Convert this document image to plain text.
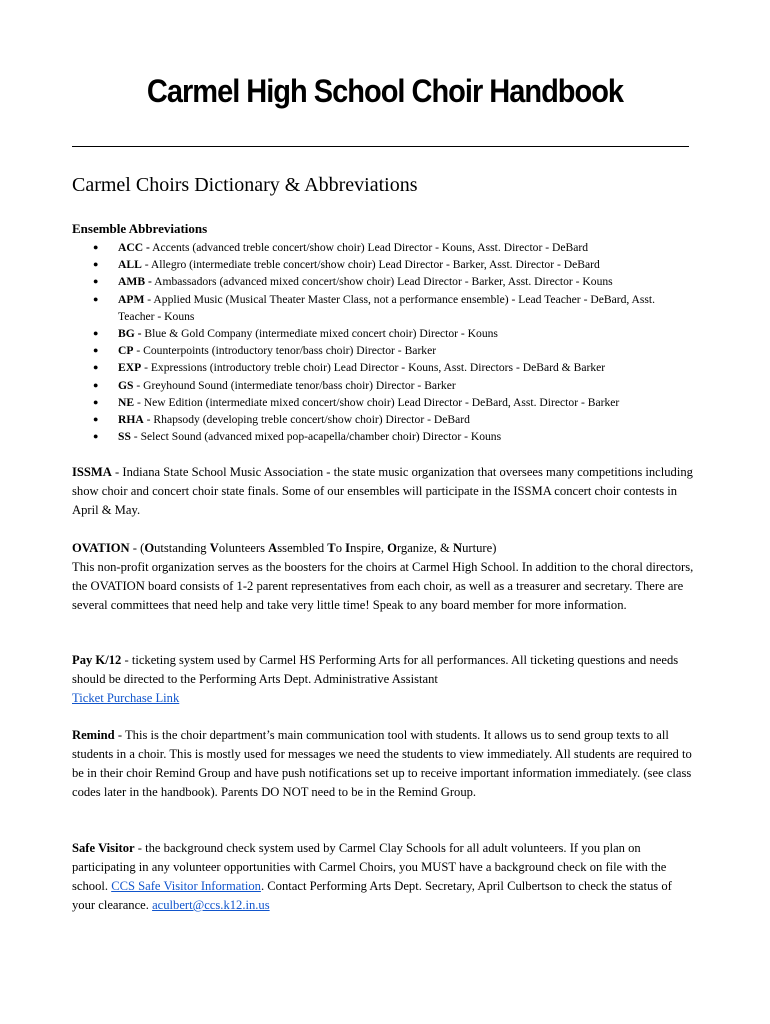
Carmel High School Choir Handbook
Carmel Choirs Dictionary & Abbreviations
Ensemble Abbreviations
● ACC - Accents (advanced treble concert/show choir) Lead Director - Kouns, Asst. Director - DeBard
● ALL - Allegro (intermediate treble concert/show choir) Lead Director - Barker, Asst. Director - DeBard
● AMB - Ambassadors (advanced mixed concert/show choir) Lead Director - Barker, Asst. Director - Kouns
● APM - Applied Music (Musical Theater Master Class, not a performance ensemble) - Lead Teacher - DeBard, Asst. Teacher - Kouns
● BG - Blue & Gold Company (intermediate mixed concert choir) Director - Kouns
● CP - Counterpoints (introductory tenor/bass choir) Director - Barker
● EXP - Expressions (introductory treble choir) Lead Director - Kouns, Asst. Directors - DeBard & Barker
● GS - Greyhound Sound (intermediate tenor/bass choir) Director - Barker
● NE - New Edition (intermediate mixed concert/show choir) Lead Director - DeBard, Asst. Director - Barker
● RHA - Rhapsody (developing treble concert/show choir) Director - DeBard
● SS - Select Sound (advanced mixed pop-acapella/chamber choir) Director - Kouns

ISSMA - Indiana State School Music Association - the state music organization that oversees many competitions including show choir and concert choir state finals. Some of our ensembles will participate in the ISSMA concert choir contests in April & May.

OVATION - (Outstanding Volunteers Assembled To Inspire, Organize, & Nurture)
This non-profit organization serves as the boosters for the choirs at Carmel High School. In addition to the choral directors, the OVATION board consists of 1-2 parent representatives from each choir, as well as a treasurer and secretary. There are several committees that need help and take very little time! Speak to any board member for more information.

Pay K/12 - ticketing system used by Carmel HS Performing Arts for all performances. All ticketing questions and needs should be directed to the Performing Arts Dept. Administrative Assistant
Ticket Purchase Link

Remind - This is the choir department’s main communication tool with students. It allows us to send group texts to all students in a choir. This is mostly used for messages we need the students to view immediately. All students are required to be in their choir Remind Group and have push notifications set up to receive important information immediately. (see class codes later in the handbook). Parents DO NOT need to be in the Remind Group.

Safe Visitor - the background check system used by Carmel Clay Schools for all adult volunteers. If you plan on participating in any volunteer opportunities with Carmel Choirs, you MUST have a background check on file with the school. CCS Safe Visitor Information. Contact Performing Arts Dept. Secretary, April Culbertson to check the status of your clearance. aculbert@ccs.k12.in.us
